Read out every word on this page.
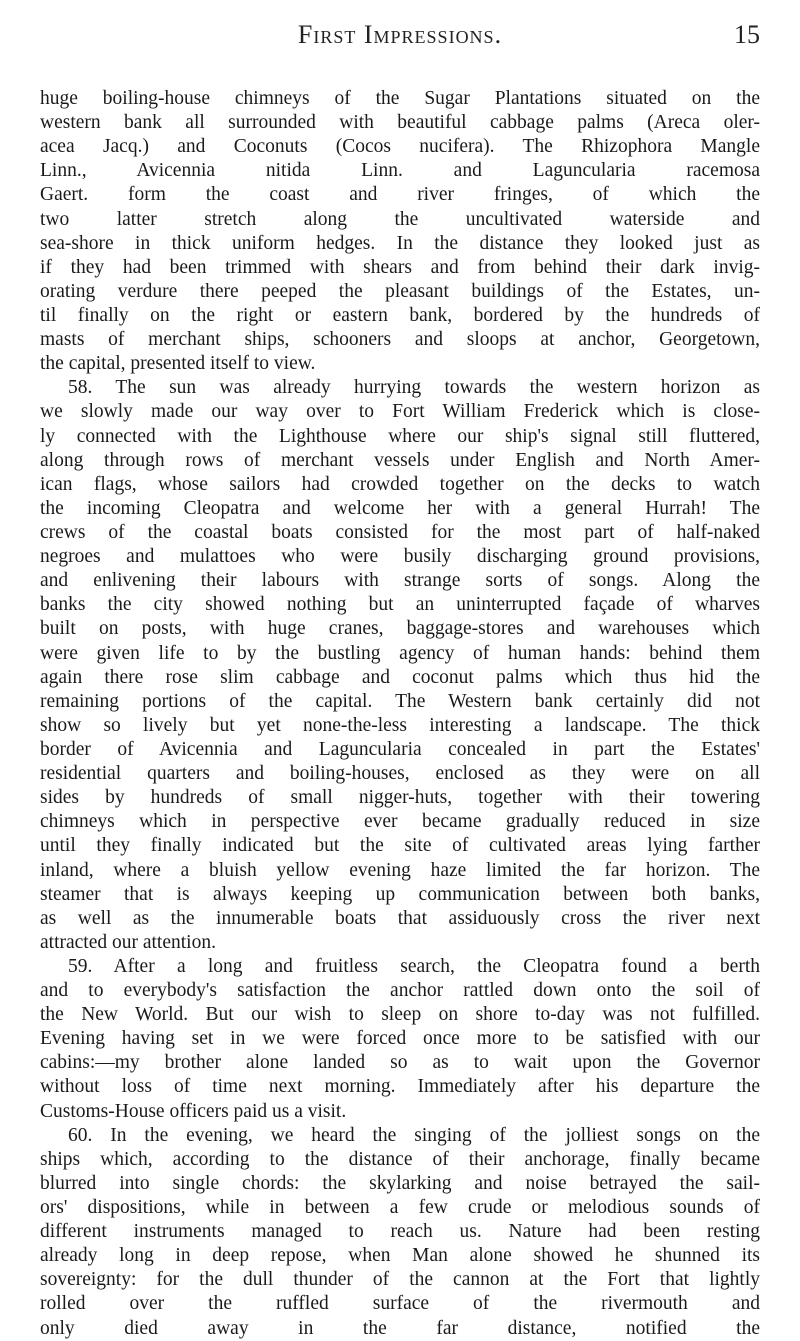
First Impressions.	15
huge boiling-house chimneys of the Sugar Plantations situated on the
western bank all surrounded with beautiful cabbage palms (Areca oler-
acea Jacq.) and Coconuts (Cocos nucifera). The Rhizophora Mangle
Linn., Avicennia nitida Linn. and Laguncularia racemosa
Gaert. form the coast and river fringes, of which the
two latter stretch along the uncultivated waterside and
sea-shore in thick uniform hedges. In the distance they looked just as
if they had been trimmed with shears and from behind their dark invig-
orating verdure there peeped the pleasant buildings of the Estates, un-
til finally on the right or eastern bank, bordered by the hundreds of
masts of merchant ships, schooners and sloops at anchor, Georgetown,
the capital, presented itself to view.
58. The sun was already hurrying towards the western horizon as
we slowly made our way over to Fort William Frederick which is close-
ly connected with the Lighthouse where our ship's signal still fluttered,
along through rows of merchant vessels under English and North Amer-
ican flags, whose sailors had crowded together on the decks to watch
the incoming Cleopatra and welcome her with a general Hurrah! The
crews of the coastal boats consisted for the most part of half-naked
negroes and mulattoes who were busily discharging ground provisions,
and enlivening their labours with strange sorts of songs. Along the
banks the city showed nothing but an uninterrupted façade of wharves
built on posts, with huge cranes, baggage-stores and warehouses which
were given life to by the bustling agency of human hands: behind them
again there rose slim cabbage and coconut palms which thus hid the
remaining portions of the capital. The Western bank certainly did not
show so lively but yet none-the-less interesting a landscape. The thick
border of Avicennia and Laguncularia concealed in part the Estates'
residential quarters and boiling-houses, enclosed as they were on all
sides by hundreds of small nigger-huts, together with their towering
chimneys which in perspective ever became gradually reduced in size
until they finally indicated but the site of cultivated areas lying farther
inland, where a bluish yellow evening haze limited the far horizon. The
steamer that is always keeping up communication between both banks,
as well as the innumerable boats that assiduously cross the river next
attracted our attention.
59. After a long and fruitless search, the Cleopatra found a berth
and to everybody's satisfaction the anchor rattled down onto the soil of
the New World. But our wish to sleep on shore to-day was not fulfilled.
Evening having set in we were forced once more to be satisfied with our
cabins:—my brother alone landed so as to wait upon the Governor
without loss of time next morning. Immediately after his departure the
Customs-House officers paid us a visit.
60. In the evening, we heard the singing of the jolliest songs on the
ships which, according to the distance of their anchorage, finally became
blurred into single chords: the skylarking and noise betrayed the sail-
ors' dispositions, while in between a few crude or melodious sounds of
different instruments managed to reach us. Nature had been resting
already long in deep repose, when Man alone showed he shunned its
sovereignty: for the dull thunder of the cannon at the Fort that lightly
rolled over the ruffled surface of the rivermouth and
only died away in the far distance, notified the
